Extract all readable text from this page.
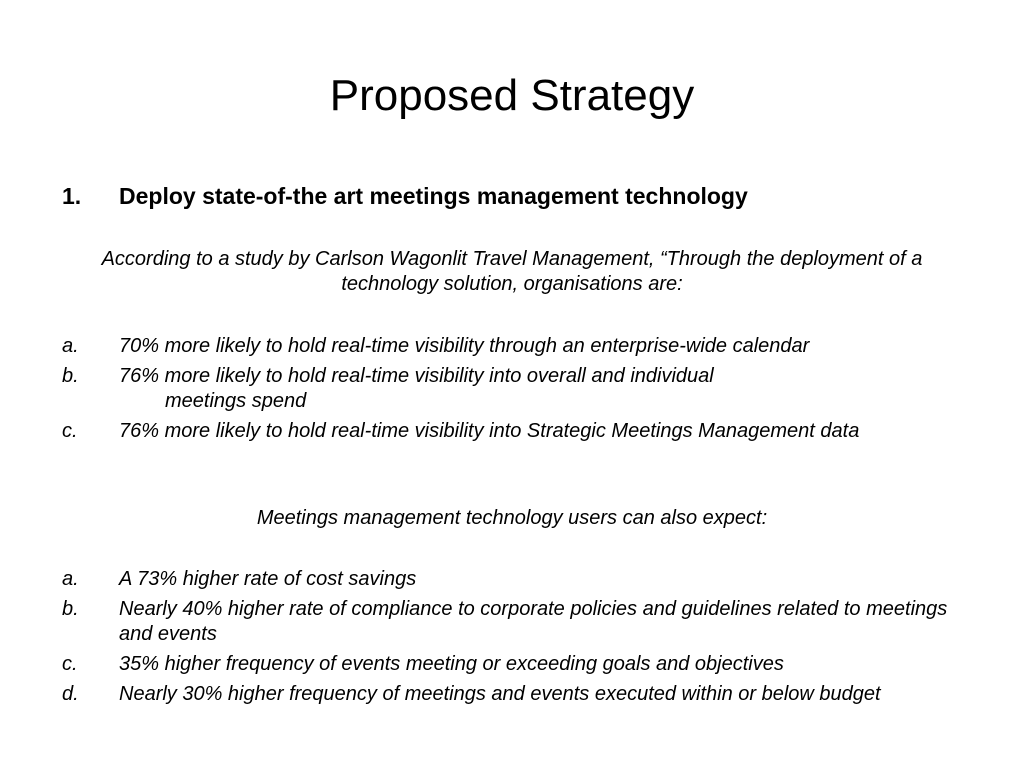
Proposed Strategy
1. Deploy state-of-the art meetings management technology
According to a study by Carlson Wagonlit Travel Management, “Through the deployment of a technology solution, organisations are:
a. 70% more likely to hold real-time visibility through an enterprise-wide calendar
b. 76% more likely to hold real-time visibility into overall and individual
meetings spend
c. 76% more likely to hold real-time visibility into Strategic Meetings Management data
Meetings management technology users can also expect:
a. A 73% higher rate of cost savings
b. Nearly 40% higher rate of compliance to corporate policies and guidelines related to meetings and events
c. 35% higher frequency of events meeting or exceeding goals and objectives
d. Nearly 30% higher frequency of meetings and events executed within or below budget
